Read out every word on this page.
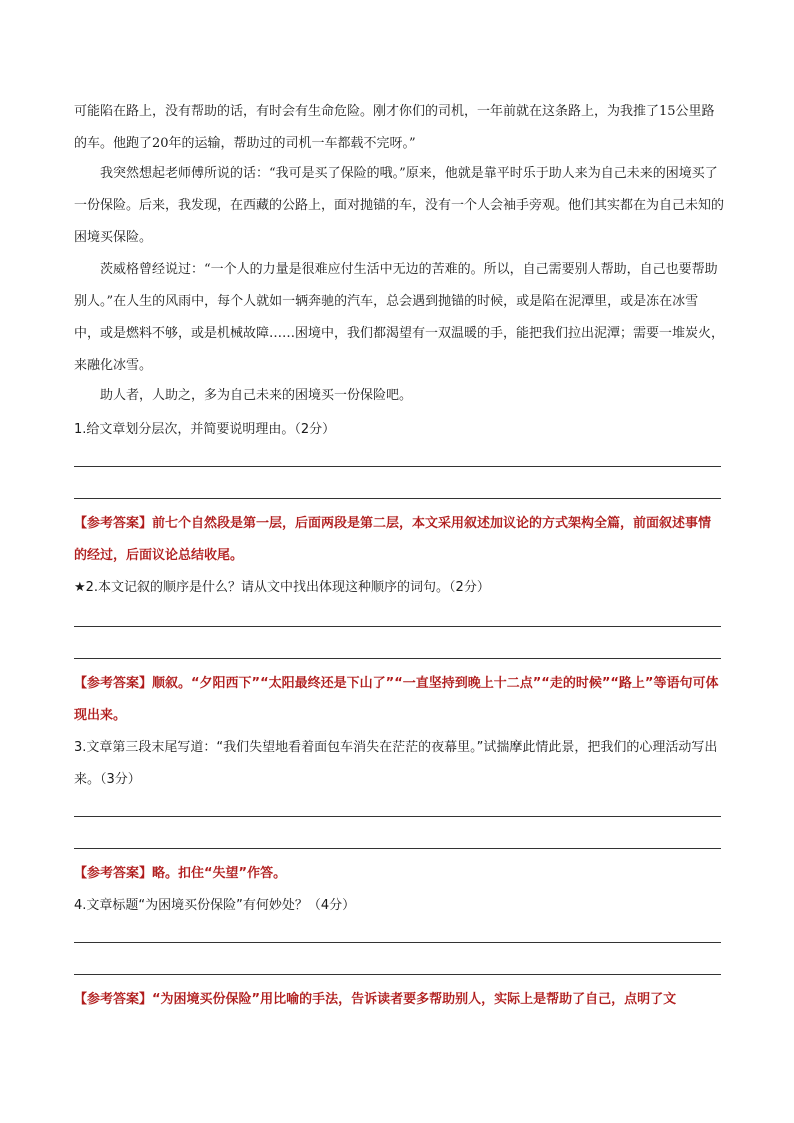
可能陷在路上，没有帮助的话，有时会有生命危险。刚才你们的司机，一年前就在这条路上，为我推了15公里路的车。他跑了20年的运输，帮助过的司机一车都载不完呀。”

我突然想起老师傅所说的话：“我可是买了保险的哦。”原来，他就是靠平时乐于助人来为自己未来的困境买了一份保险。后来，我发现，在西藏的公路上，面对抛锚的车，没有一个人会袖手旁观。他们其实都在为自己未知的困境买保险。

茨威格曾经说过：“一个人的力量是很难应付生活中无边的苦难的。所以，自己需要别人帮助，自己也要帮助别人。”在人生的风雨中，每个人就如一辆奔驰的汽车，总会遇到抛锚的时候，或是陷在泥潭里，或是冻在冰雪中，或是燃料不够，或是机械故障……困境中，我们都渴望有一双温暖的手，能把我们拉出泥潭；需要一堆炭火，来融化冰雪。

助人者，人助之，多为自己未来的困境买一份保险吧。

1.给文章划分层次，并简要说明理由。（2分）

【参考答案】前七个自然段是第一层，后面两段是第二层，本文采用叙述加议论的方式架构全篇，前面叙述事情的经过，后面议论总结收尾。

★2.本文记叙的顺序是什么？请从文中找出体现这种顺序的词句。（2分）

【参考答案】顺叙。“夕阳西下”“太阳最终还是下山了”“一直坚持到晚上十二点”“走的时候”“路上”等语句可体现出来。

3.文章第三段末尾写道：“我们失望地看着面包车消失在茫茫的夜幕里。”试揣摩此情此景，把我们的心理活动写出来。（3分）

【参考答案】略。扣住“失望”作答。

4.文章标题“为困境买份保险”有何妙处？（4分）

【参考答案】“为困境买份保险”用比喻的手法，告诉读者要多帮助别人，实际上是帮助了自己，点明了文
